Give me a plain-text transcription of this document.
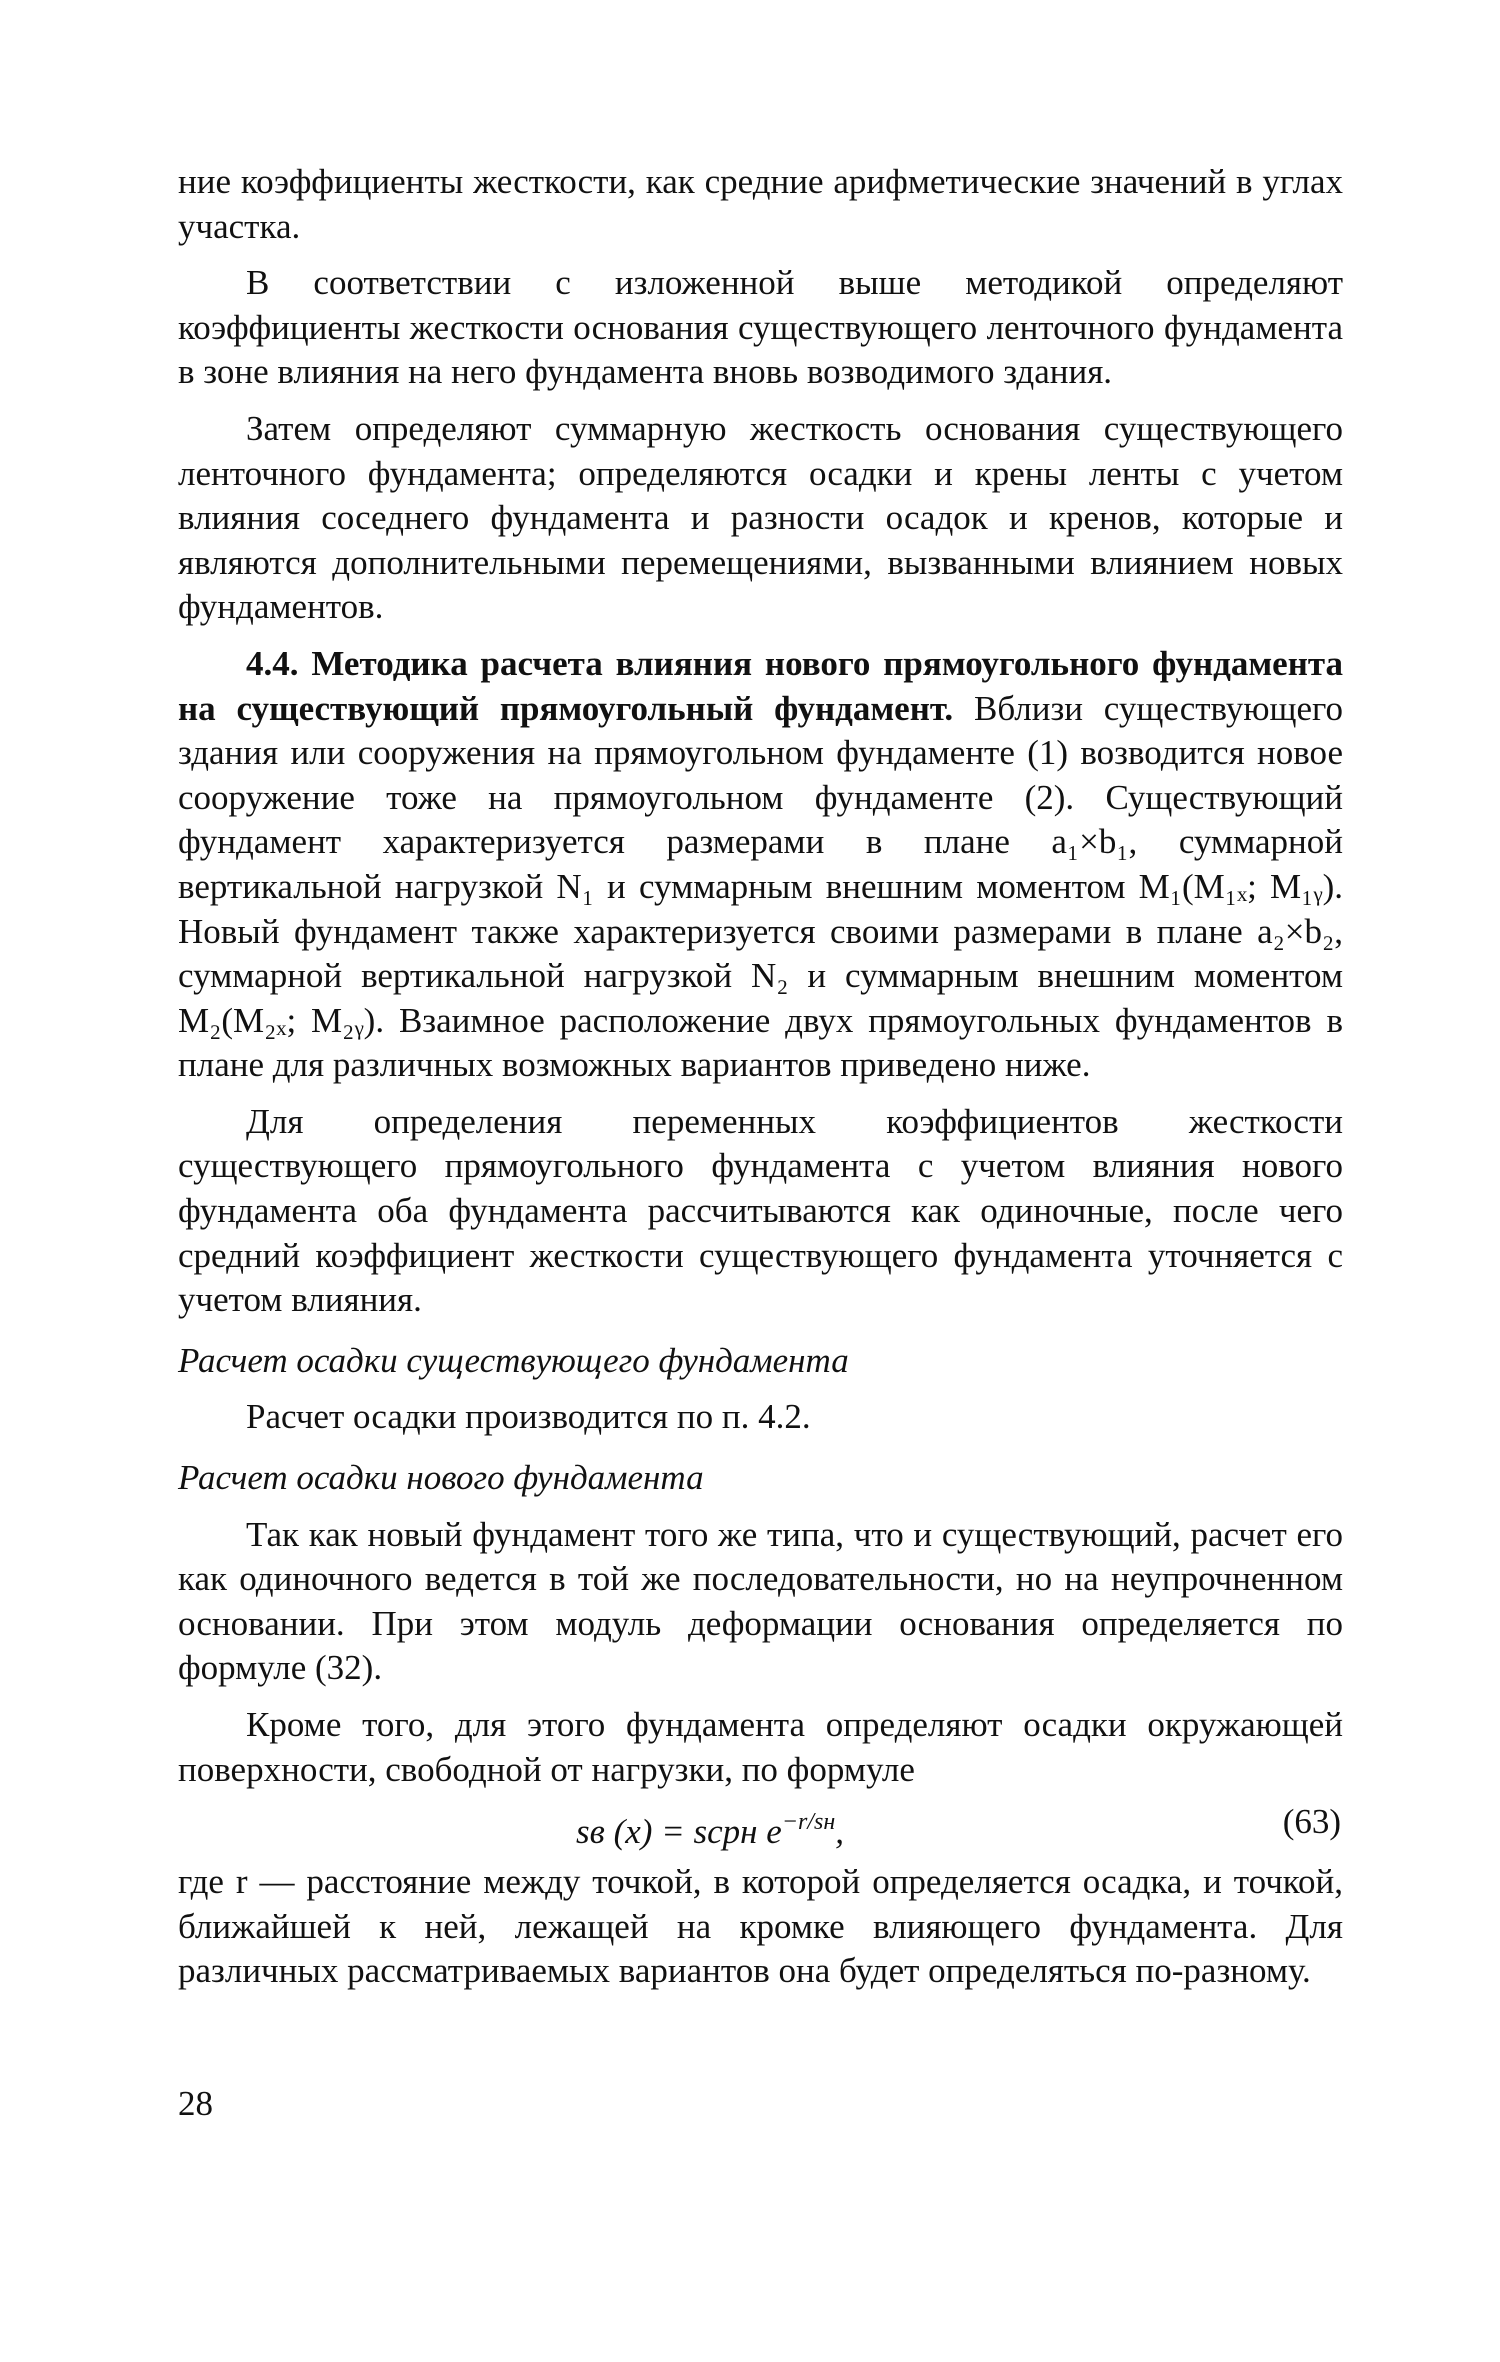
ние коэффициенты жесткости, как средние арифметические значений в углах участка.

В соответствии с изложенной выше методикой определяют коэффициенты жесткости основания существующего ленточного фундамента в зоне влияния на него фундамента вновь возводимого здания.

Затем определяют суммарную жесткость основания существующего ленточного фундамента; определяются осадки и крены ленты с учетом влияния соседнего фундамента и разности осадок и кренов, которые и являются дополнительными перемещениями, вызванными влиянием новых фундаментов.

4.4. Методика расчета влияния нового прямоугольного фундамента на существующий прямоугольный фундамент. Вблизи существующего здания или сооружения на прямоугольном фундаменте (1) возводится новое сооружение тоже на прямоугольном фундаменте (2). Существующий фундамент характеризуется размерами в плане a₁×b₁, суммарной вертикальной нагрузкой N₁ и суммарным внешним моментом M₁(M₁ₓ; M₁ᵧ). Новый фундамент также характеризуется своими размерами в плане a₂×b₂, суммарной вертикальной нагрузкой N₂ и суммарным внешним моментом M₂(M₂ₓ; M₂ᵧ). Взаимное расположение двух прямоугольных фундаментов в плане для различных возможных вариантов приведено ниже.

Для определения переменных коэффициентов жесткости существующего прямоугольного фундамента с учетом влияния нового фундамента оба фундамента рассчитываются как одиночные, после чего средний коэффициент жесткости существующего фундамента уточняется с учетом влияния.

Расчет осадки существующего фундамента

Расчет осадки производится по п. 4.2.

Расчет осадки нового фундамента

Так как новый фундамент того же типа, что и существующий, расчет его как одиночного ведется в той же последовательности, но на неупрочненном основании. При этом модуль деформации основания определяется по формуле (32).

Кроме того, для этого фундамента определяют осадки окружающей поверхности, свободной от нагрузки, по формуле

sв (x) = sсрн $e^{-r/sн}$,	(63)

где r — расстояние между точкой, в которой определяется осадка, и точкой, ближайшей к ней, лежащей на кромке влияющего фундамента. Для различных рассматриваемых вариантов она будет определяться по-разному.

28
